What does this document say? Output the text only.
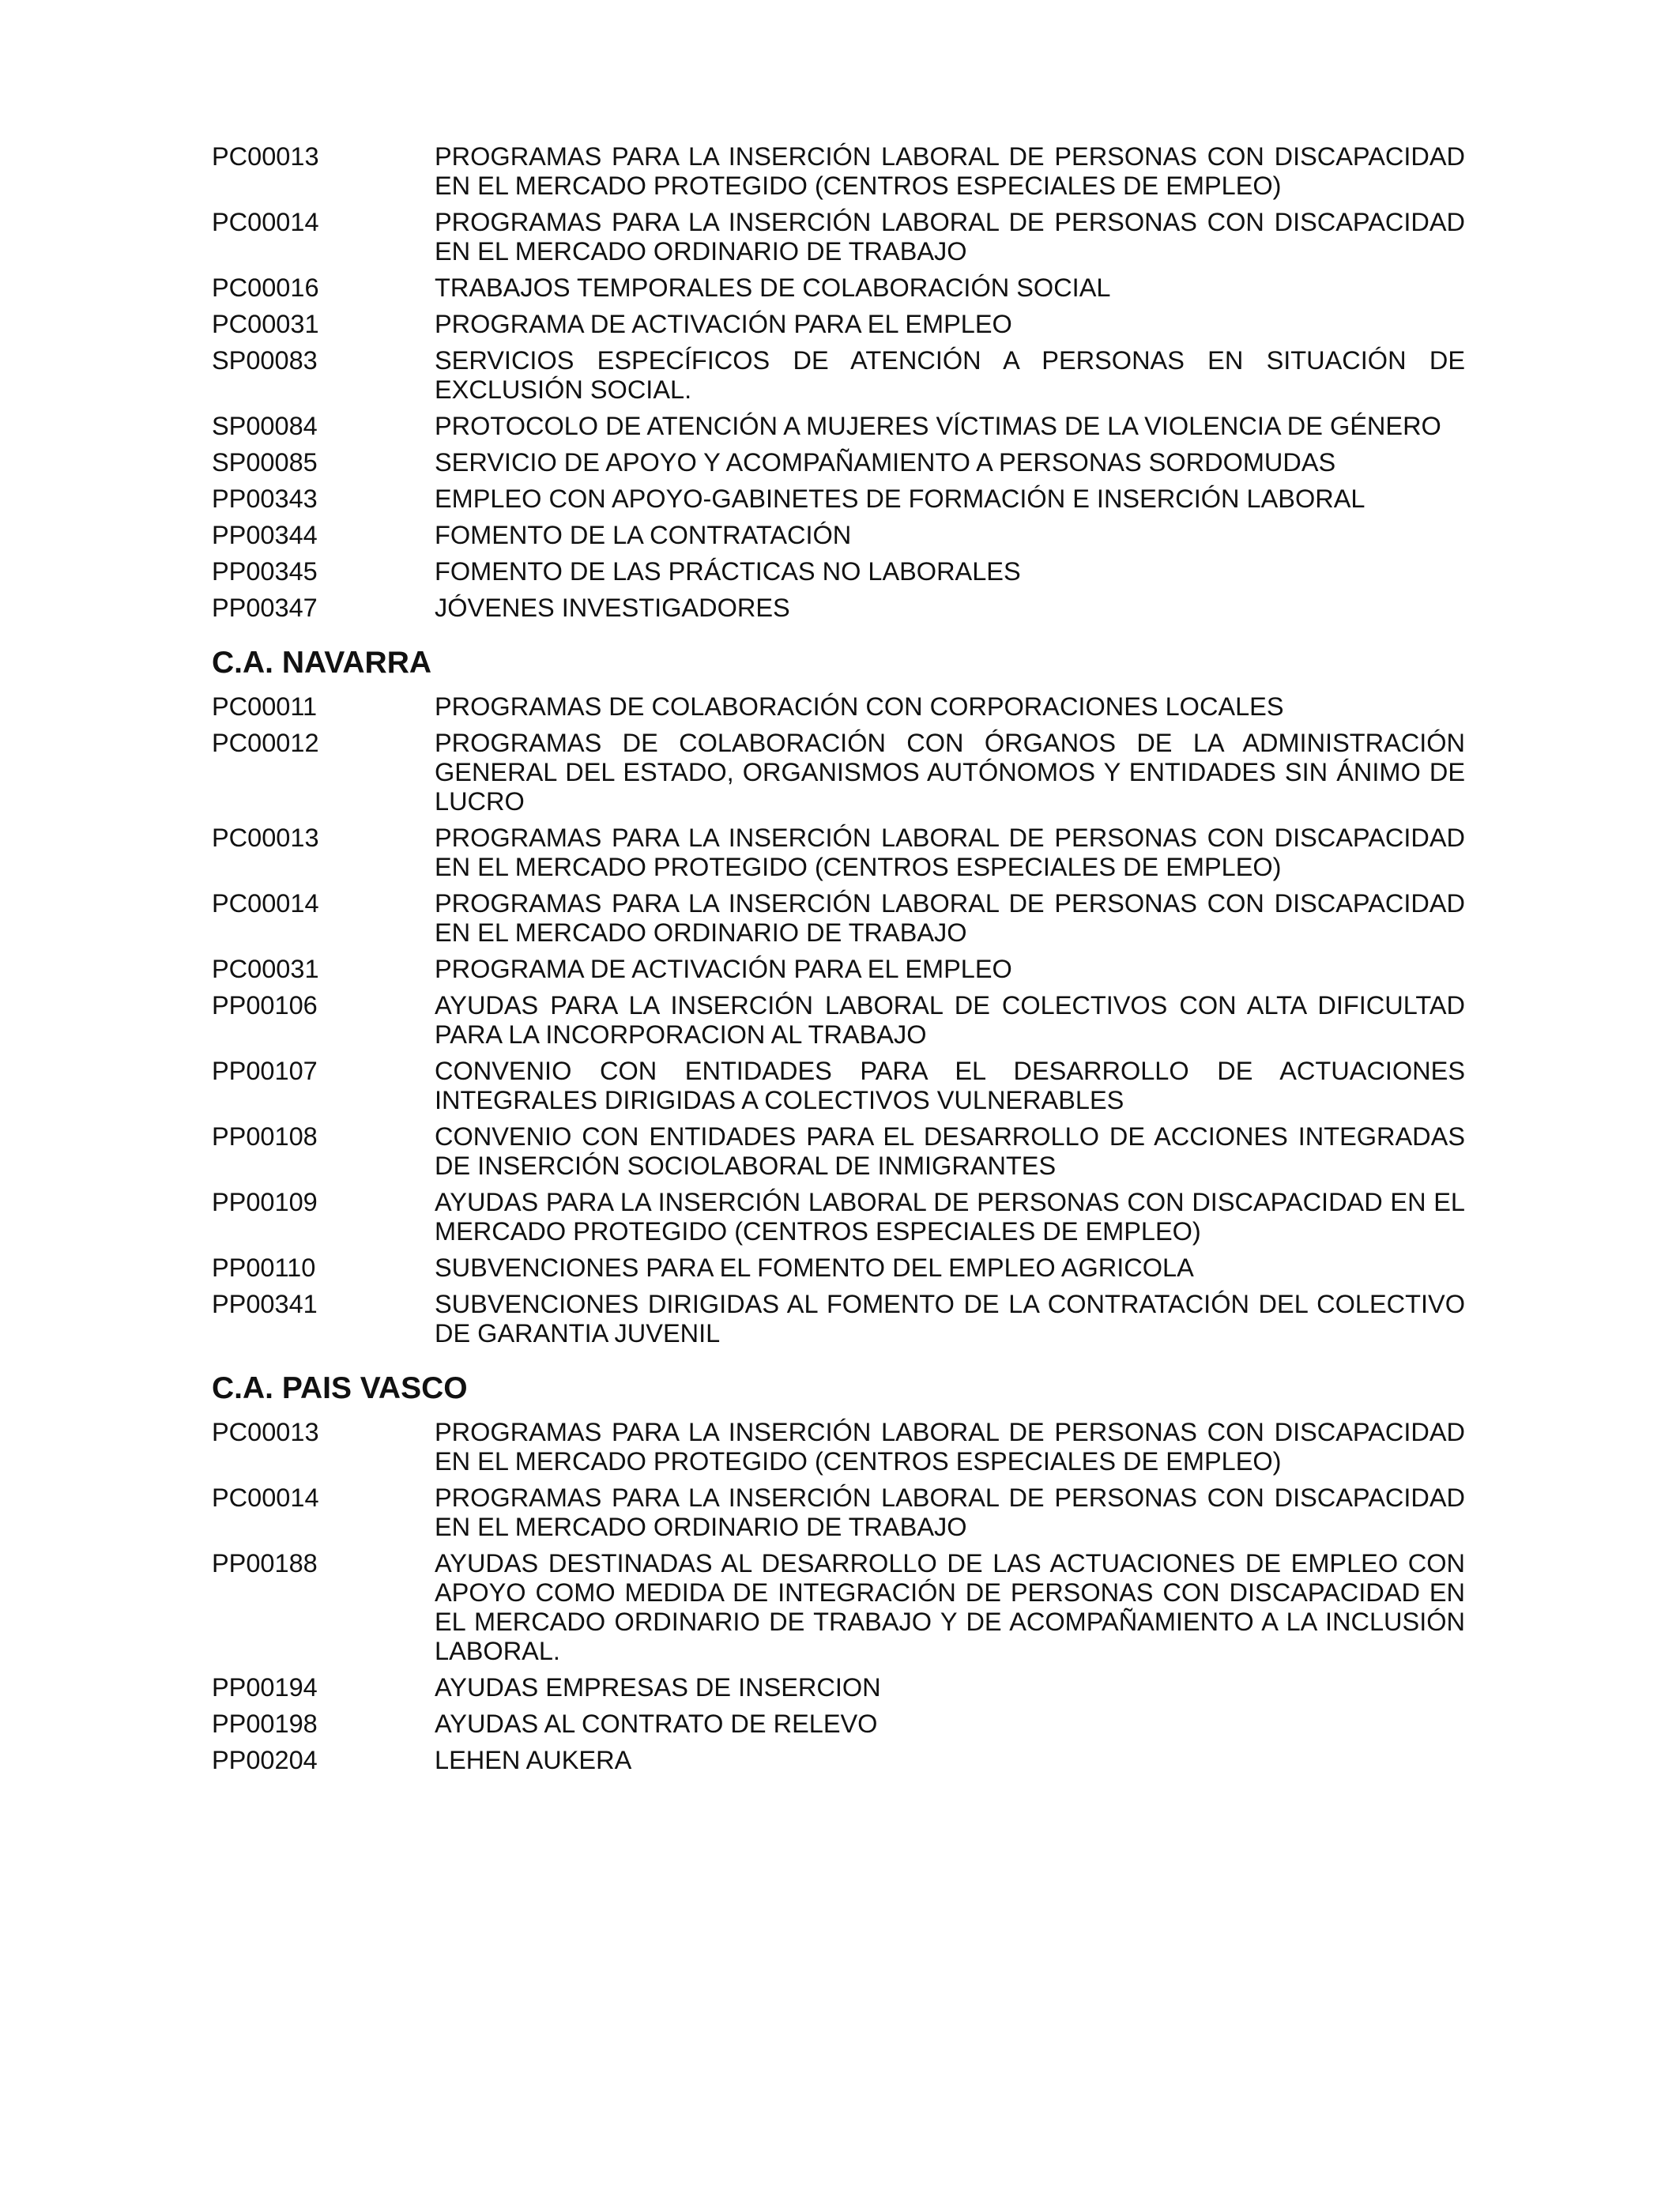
PC00013	PROGRAMAS PARA LA INSERCIÓN LABORAL DE PERSONAS CON DISCAPACIDAD EN EL MERCADO PROTEGIDO (CENTROS ESPECIALES DE EMPLEO)
PC00014	PROGRAMAS PARA LA INSERCIÓN LABORAL DE PERSONAS CON DISCAPACIDAD EN EL MERCADO ORDINARIO DE TRABAJO
PC00016	TRABAJOS TEMPORALES DE COLABORACIÓN SOCIAL
PC00031	PROGRAMA DE ACTIVACIÓN PARA EL EMPLEO
SP00083	SERVICIOS ESPECÍFICOS DE ATENCIÓN A PERSONAS EN SITUACIÓN DE EXCLUSIÓN SOCIAL.
SP00084	PROTOCOLO DE ATENCIÓN A MUJERES VÍCTIMAS DE LA VIOLENCIA DE GÉNERO
SP00085	SERVICIO DE APOYO Y ACOMPAÑAMIENTO A PERSONAS SORDOMUDAS
PP00343	EMPLEO CON APOYO-GABINETES DE FORMACIÓN E INSERCIÓN LABORAL
PP00344	FOMENTO DE LA CONTRATACIÓN
PP00345	FOMENTO DE LAS PRÁCTICAS NO LABORALES
PP00347	JÓVENES INVESTIGADORES
C.A. NAVARRA
PC00011	PROGRAMAS DE COLABORACIÓN CON CORPORACIONES LOCALES
PC00012	PROGRAMAS DE COLABORACIÓN CON ÓRGANOS DE LA ADMINISTRACIÓN GENERAL DEL ESTADO, ORGANISMOS AUTÓNOMOS Y ENTIDADES SIN ÁNIMO DE LUCRO
PC00013	PROGRAMAS PARA LA INSERCIÓN LABORAL DE PERSONAS CON DISCAPACIDAD EN EL MERCADO PROTEGIDO (CENTROS ESPECIALES DE EMPLEO)
PC00014	PROGRAMAS PARA LA INSERCIÓN LABORAL DE PERSONAS CON DISCAPACIDAD EN EL MERCADO ORDINARIO DE TRABAJO
PC00031	PROGRAMA DE ACTIVACIÓN PARA EL EMPLEO
PP00106	AYUDAS PARA LA INSERCIÓN LABORAL DE COLECTIVOS CON ALTA DIFICULTAD PARA LA INCORPORACION AL TRABAJO
PP00107	CONVENIO CON ENTIDADES PARA EL DESARROLLO DE ACTUACIONES INTEGRALES DIRIGIDAS A COLECTIVOS VULNERABLES
PP00108	CONVENIO CON ENTIDADES PARA EL DESARROLLO DE ACCIONES INTEGRADAS DE INSERCIÓN SOCIOLABORAL DE INMIGRANTES
PP00109	AYUDAS PARA LA INSERCIÓN LABORAL DE PERSONAS CON DISCAPACIDAD EN EL MERCADO PROTEGIDO (CENTROS ESPECIALES DE EMPLEO)
PP00110	SUBVENCIONES PARA EL FOMENTO DEL EMPLEO AGRICOLA
PP00341	SUBVENCIONES DIRIGIDAS AL FOMENTO DE LA CONTRATACIÓN DEL COLECTIVO DE GARANTIA JUVENIL
C.A. PAIS VASCO
PC00013	PROGRAMAS PARA LA INSERCIÓN LABORAL DE PERSONAS CON DISCAPACIDAD EN EL MERCADO PROTEGIDO (CENTROS ESPECIALES DE EMPLEO)
PC00014	PROGRAMAS PARA LA INSERCIÓN LABORAL DE PERSONAS CON DISCAPACIDAD EN EL MERCADO ORDINARIO DE TRABAJO
PP00188	AYUDAS DESTINADAS AL DESARROLLO DE LAS ACTUACIONES DE EMPLEO CON APOYO COMO MEDIDA DE INTEGRACIÓN DE PERSONAS CON DISCAPACIDAD EN EL MERCADO ORDINARIO DE TRABAJO Y DE ACOMPAÑAMIENTO A LA INCLUSIÓN LABORAL.
PP00194	AYUDAS EMPRESAS DE INSERCION
PP00198	AYUDAS AL CONTRATO DE RELEVO
PP00204	LEHEN AUKERA
